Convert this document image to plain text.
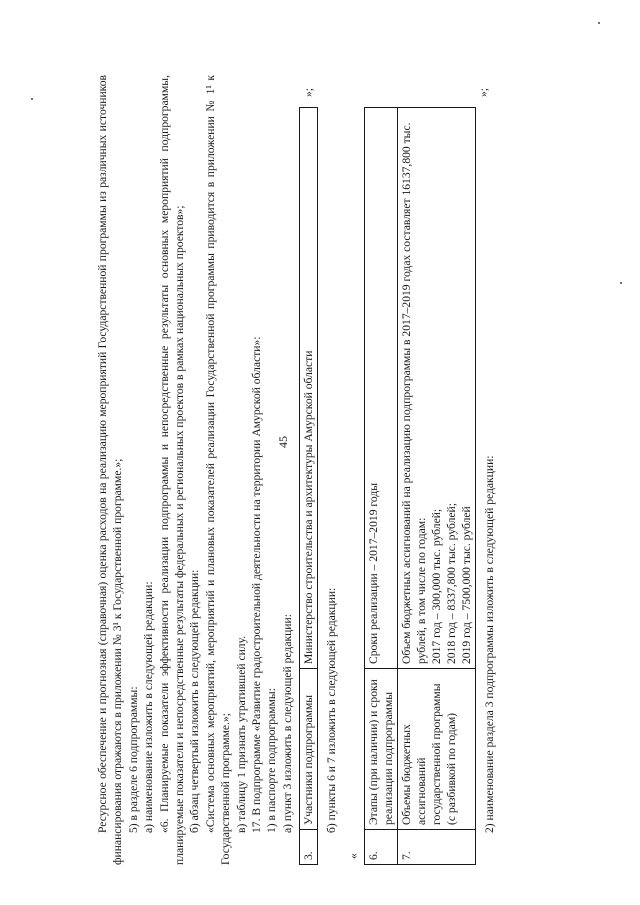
45

Ресурсное обеспечение и прогнозная (справочная) оценка расходов на реализацию мероприятий Государственной программы из различных источников финансирования отражаются в приложении № 3¹ к Государственной программе.»; 5) в разделе 6 подпрограммы: а) наименование изложить в следующей редакции: «6. Планируемые показатели эффективности реализации подпрограммы и непосредственные результаты основных мероприятий подпрограммы, планируемые показатели и непосредственные результаты федеральных и региональных проектов в рамках национальных проектов»; б) абзац четвертый изложить в следующей редакции: «Система основных мероприятий, мероприятий и плановых показателей реализации Государственной программы приводится в приложении № 1¹ к Государственной программе.»; в) таблицу 1 признать утратившей силу. 17. В подпрограмме «Развитие градостроительной деятельности на территории Амурской области»: 1) в паспорте подпрограммы: а) пункт 3 изложить в следующей редакции:

3.	Участники подпрограммы	Министерство строительства и архитектуры Амурской области
»;

б) пункты 6 и 7 изложить в следующей редакции:

« 6.	Этапы (при наличии) и сроки реализации подпрограммы	Сроки реализации – 2017–2019 годы
7.	Объемы бюджетных ассигнований государственной программы (с разбивкой по годам)	Объем бюджетных ассигнований на реализацию подпрограммы в 2017–2019 годах составляет 16137,800 тыс. рублей, в том числе по годам: 2017 год – 300,000 тыс. рублей; 2018 год – 8337,800 тыс. рублей; 2019 год – 7500,000 тыс. рублей
»;

2) наименование раздела 3 подпрограммы изложить в следующей редакции:
